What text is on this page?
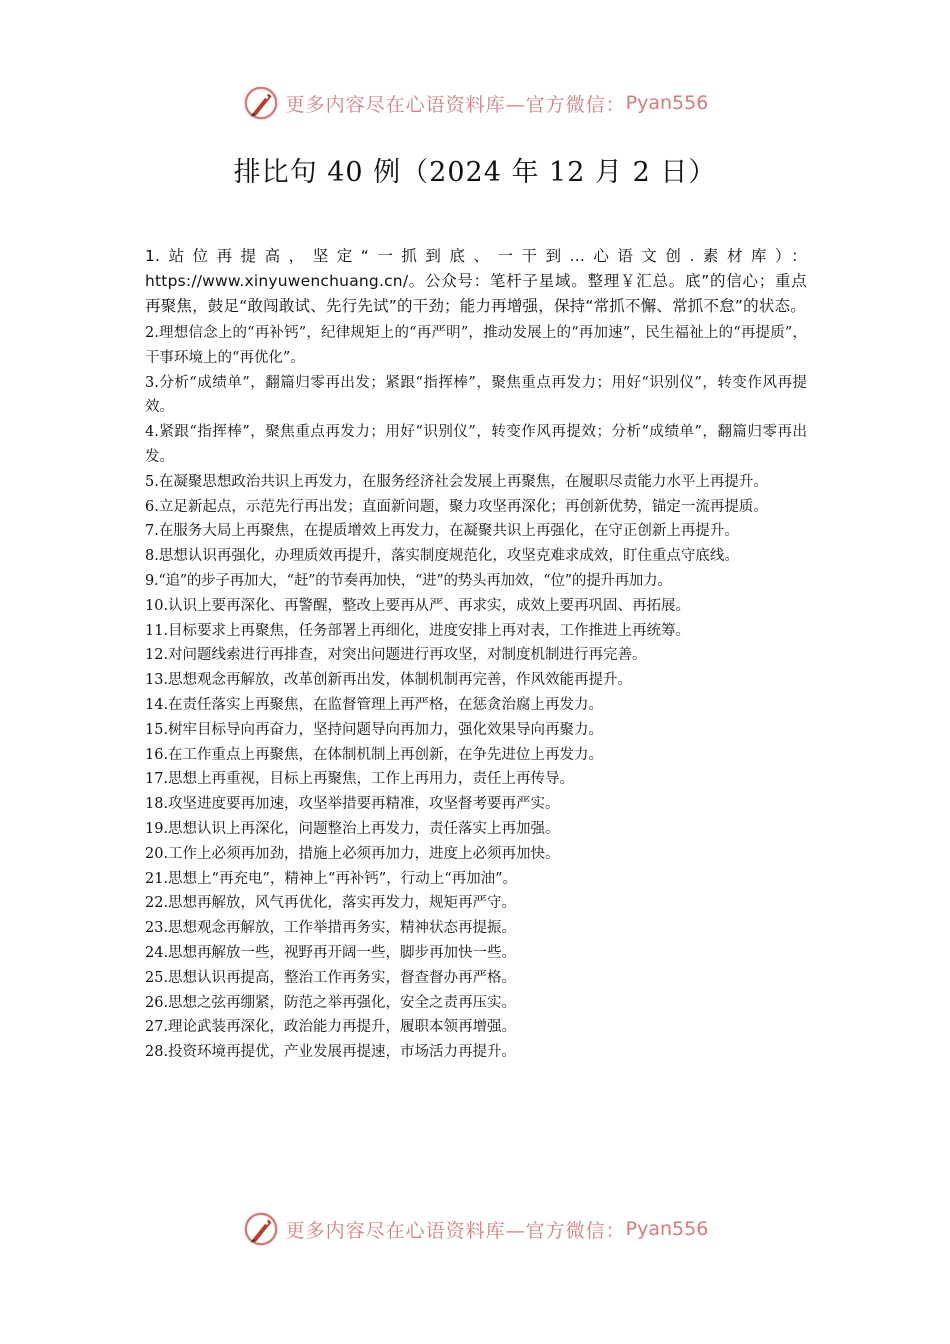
更多内容尽在心语资料库—官方微信： Pyan556
排比句 40 例（2024 年 12 月 2 日）
1.站位再提高，坚定“一抓到底、一干到...心语文创.素材库）：https://www.xinyuwenchuang.cn/。公众号：笔杆子星域。整理￥汇总。底”的信心；重点再聚焦，鼓足“敢闯敢试、先行先试”的干劲；能力再增强，保持“常抓不懈、常抓不怠”的状态。
2.理想信念上的“再补钙”，纪律规矩上的“再严明”，推动发展上的“再加速”，民生福祉上的“再提质”，干事环境上的“再优化”。
3.分析“成绩单”，翻篇归零再出发；紧跟“指挥棒”，聚焦重点再发力；用好“识别仪”，转变作风再提效。
4.紧跟“指挥棒”，聚焦重点再发力；用好“识别仪”，转变作风再提效；分析“成绩单”，翻篇归零再出发。
5.在凝聚思想政治共识上再发力，在服务经济社会发展上再聚焦，在履职尽责能力水平上再提升。
6.立足新起点，示范先行再出发；直面新问题，聚力攻坚再深化；再创新优势，锚定一流再提质。
7.在服务大局上再聚焦，在提质增效上再发力，在凝聚共识上再强化，在守正创新上再提升。
8.思想认识再强化，办理质效再提升，落实制度规范化，攻坚克难求成效，盯住重点守底线。
9.“追”的步子再加大，“赶”的节奏再加快，“进”的势头再加效，“位”的提升再加力。
10.认识上要再深化、再警醒，整改上要再从严、再求实，成效上要再巩固、再拓展。
11.目标要求上再聚焦，任务部署上再细化，进度安排上再对表，工作推进上再统筹。
12.对问题线索进行再排查，对突出问题进行再攻坚，对制度机制进行再完善。
13.思想观念再解放，改革创新再出发，体制机制再完善，作风效能再提升。
14.在责任落实上再聚焦，在监督管理上再严格，在惩贪治腐上再发力。
15.树牢目标导向再奋力，坚持问题导向再加力，强化效果导向再聚力。
16.在工作重点上再聚焦，在体制机制上再创新，在争先进位上再发力。
17.思想上再重视，目标上再聚焦，工作上再用力，责任上再传导。
18.攻坚进度要再加速，攻坚举措要再精准，攻坚督考要再严实。
19.思想认识上再深化，问题整治上再发力，责任落实上再加强。
20.工作上必须再加劲，措施上必须再加力，进度上必须再加快。
21.思想上“再充电”，精神上“再补钙”，行动上“再加油”。
22.思想再解放，风气再优化，落实再发力，规矩再严守。
23.思想观念再解放，工作举措再务实，精神状态再提振。
24.思想再解放一些，视野再开阔一些，脚步再加快一些。
25.思想认识再提高，整治工作再务实，督查督办再严格。
26.思想之弦再绷紧，防范之举再强化，安全之责再压实。
27.理论武装再深化，政治能力再提升，履职本领再增强。
28.投资环境再提优，产业发展再提速，市场活力再提升。
更多内容尽在心语资料库—官方微信： Pyan556
